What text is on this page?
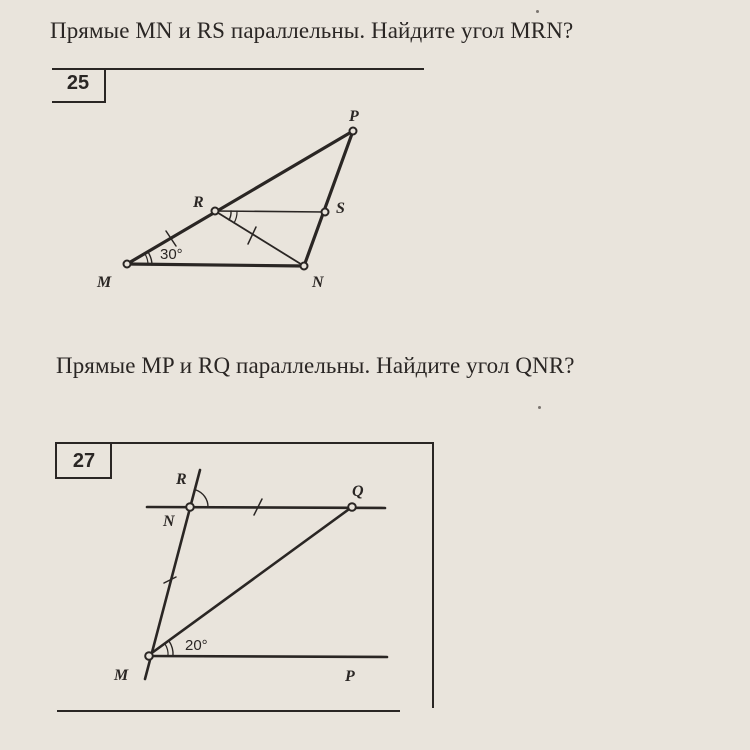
Прямые MN и RS параллельны. Найдите угол MRN?
25
Прямые MP и RQ параллельны. Найдите угол QNR?
27
P
R	S
M	N
30°
R
Q
N
M	P
20°
